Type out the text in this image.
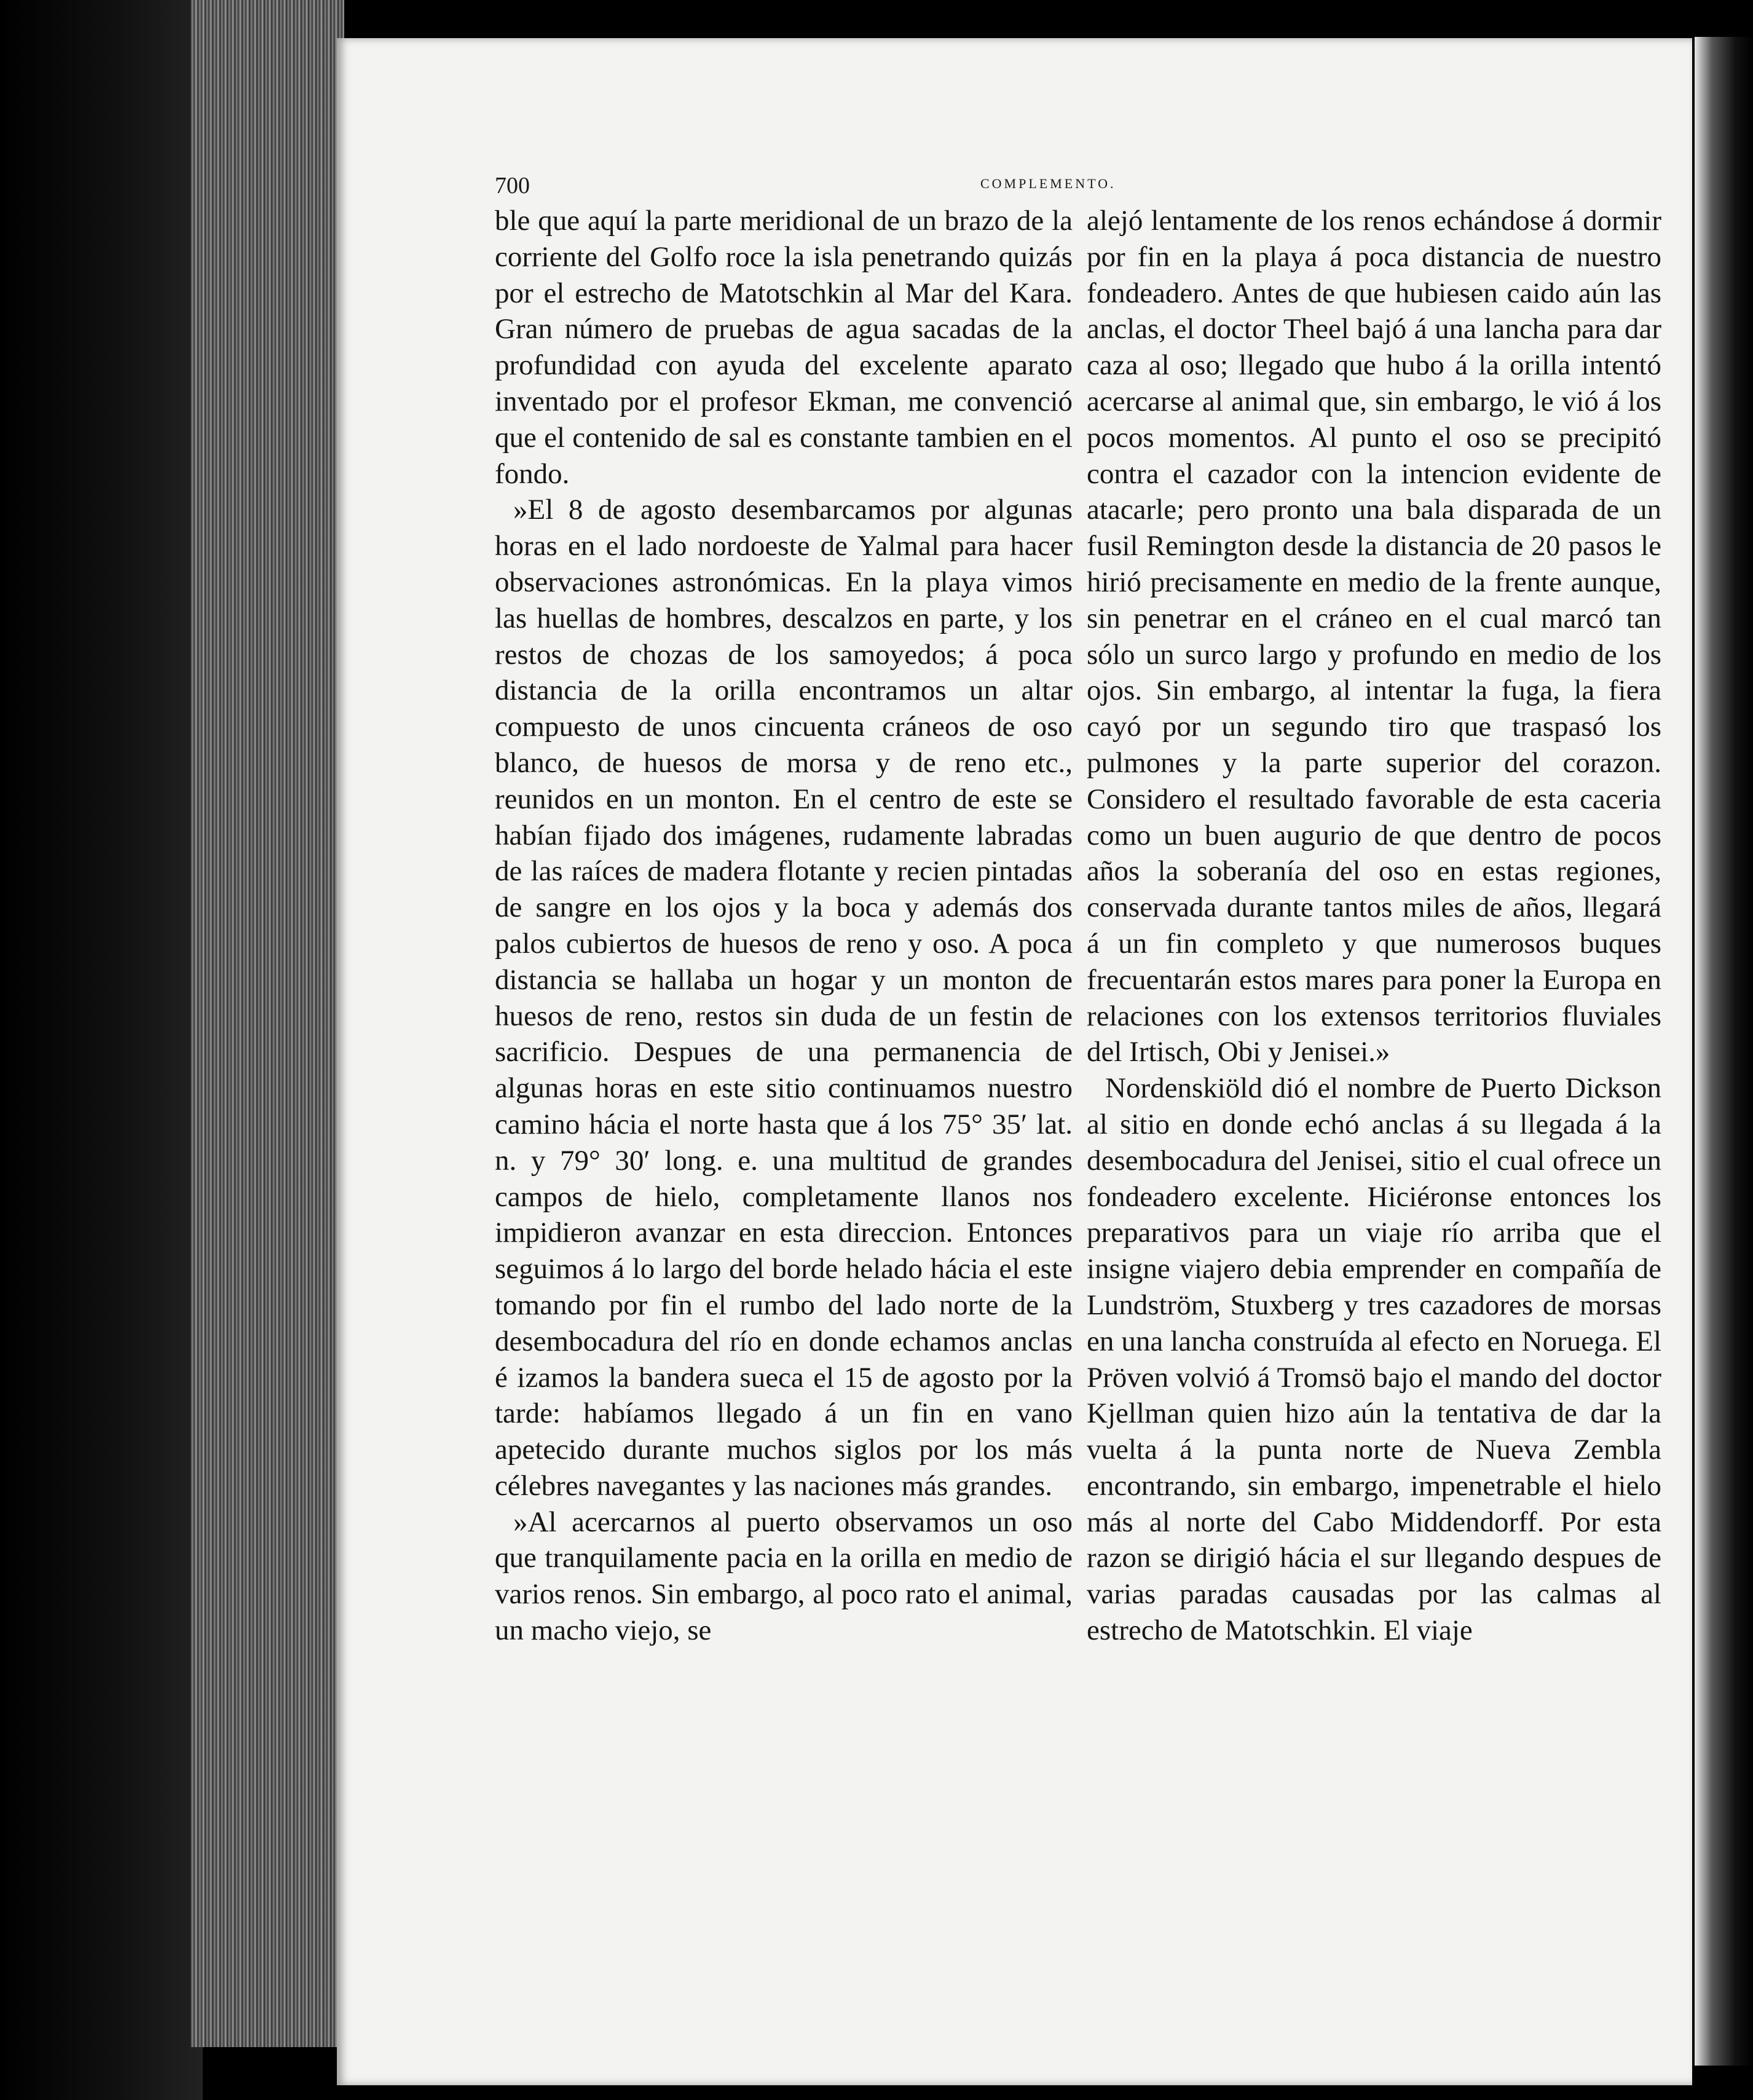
700	COMPLEMENTO.

ble que aquí la parte meridional de un brazo de la corriente del Golfo roce la isla penetrando quizás por el estrecho de Matotschkin al Mar del Kara. Gran número de pruebas de agua sacadas de la profundidad con ayuda del excelente aparato inventado por el profesor Ekman, me convenció que el contenido de sal es constante tambien en el fondo.

»El 8 de agosto desembarcamos por algunas horas en el lado nordoeste de Yalmal para hacer observaciones astronómicas. En la playa vimos las huellas de hombres, descalzos en parte, y los restos de chozas de los samoyedos; á poca distancia de la orilla encontramos un altar compuesto de unos cincuenta cráneos de oso blanco, de huesos de morsa y de reno etc., reunidos en un monton. En el centro de este se habían fijado dos imágenes, rudamente labradas de las raíces de madera flotante y recien pintadas de sangre en los ojos y la boca y además dos palos cubiertos de huesos de reno y oso. A poca distancia se hallaba un hogar y un monton de huesos de reno, restos sin duda de un festin de sacrificio. Despues de una permanencia de algunas horas en este sitio continuamos nuestro camino hácia el norte hasta que á los 75° 35′ lat. n. y 79° 30′ long. e. una multitud de grandes campos de hielo, completamente llanos nos impidieron avanzar en esta direccion. Entonces seguimos á lo largo del borde helado hácia el este tomando por fin el rumbo del lado norte de la desembocadura del río en donde echamos anclas é izamos la bandera sueca el 15 de agosto por la tarde: habíamos llegado á un fin en vano apetecido durante muchos siglos por los más célebres navegantes y las naciones más grandes.

»Al acercarnos al puerto observamos un oso que tranquilamente pacia en la orilla en medio de varios renos. Sin embargo, al poco rato el animal, un macho viejo, se

alejó lentamente de los renos echándose á dormir por fin en la playa á poca distancia de nuestro fondeadero. Antes de que hubiesen caido aún las anclas, el doctor Theel bajó á una lancha para dar caza al oso; llegado que hubo á la orilla intentó acercarse al animal que, sin embargo, le vió á los pocos momentos. Al punto el oso se precipitó contra el cazador con la intencion evidente de atacarle; pero pronto una bala disparada de un fusil Remington desde la distancia de 20 pasos le hirió precisamente en medio de la frente aunque, sin penetrar en el cráneo en el cual marcó tan sólo un surco largo y profundo en medio de los ojos. Sin embargo, al intentar la fuga, la fiera cayó por un segundo tiro que traspasó los pulmones y la parte superior del corazon. Considero el resultado favorable de esta caceria como un buen augurio de que dentro de pocos años la soberanía del oso en estas regiones, conservada durante tantos miles de años, llegará á un fin completo y que numerosos buques frecuentarán estos mares para poner la Europa en relaciones con los extensos territorios fluviales del Irtisch, Obi y Jenisei.»

Nordenskiöld dió el nombre de Puerto Dickson al sitio en donde echó anclas á su llegada á la desembocadura del Jenisei, sitio el cual ofrece un fondeadero excelente. Hiciéronse entonces los preparativos para un viaje río arriba que el insigne viajero debia emprender en compañía de Lundström, Stuxberg y tres cazadores de morsas en una lancha construída al efecto en Noruega. El Pröven volvió á Tromsö bajo el mando del doctor Kjellman quien hizo aún la tentativa de dar la vuelta á la punta norte de Nueva Zembla encontrando, sin embargo, impenetrable el hielo más al norte del Cabo Middendorff. Por esta razon se dirigió hácia el sur llegando despues de varias paradas causadas por las calmas al estrecho de Matotschkin. El viaje
